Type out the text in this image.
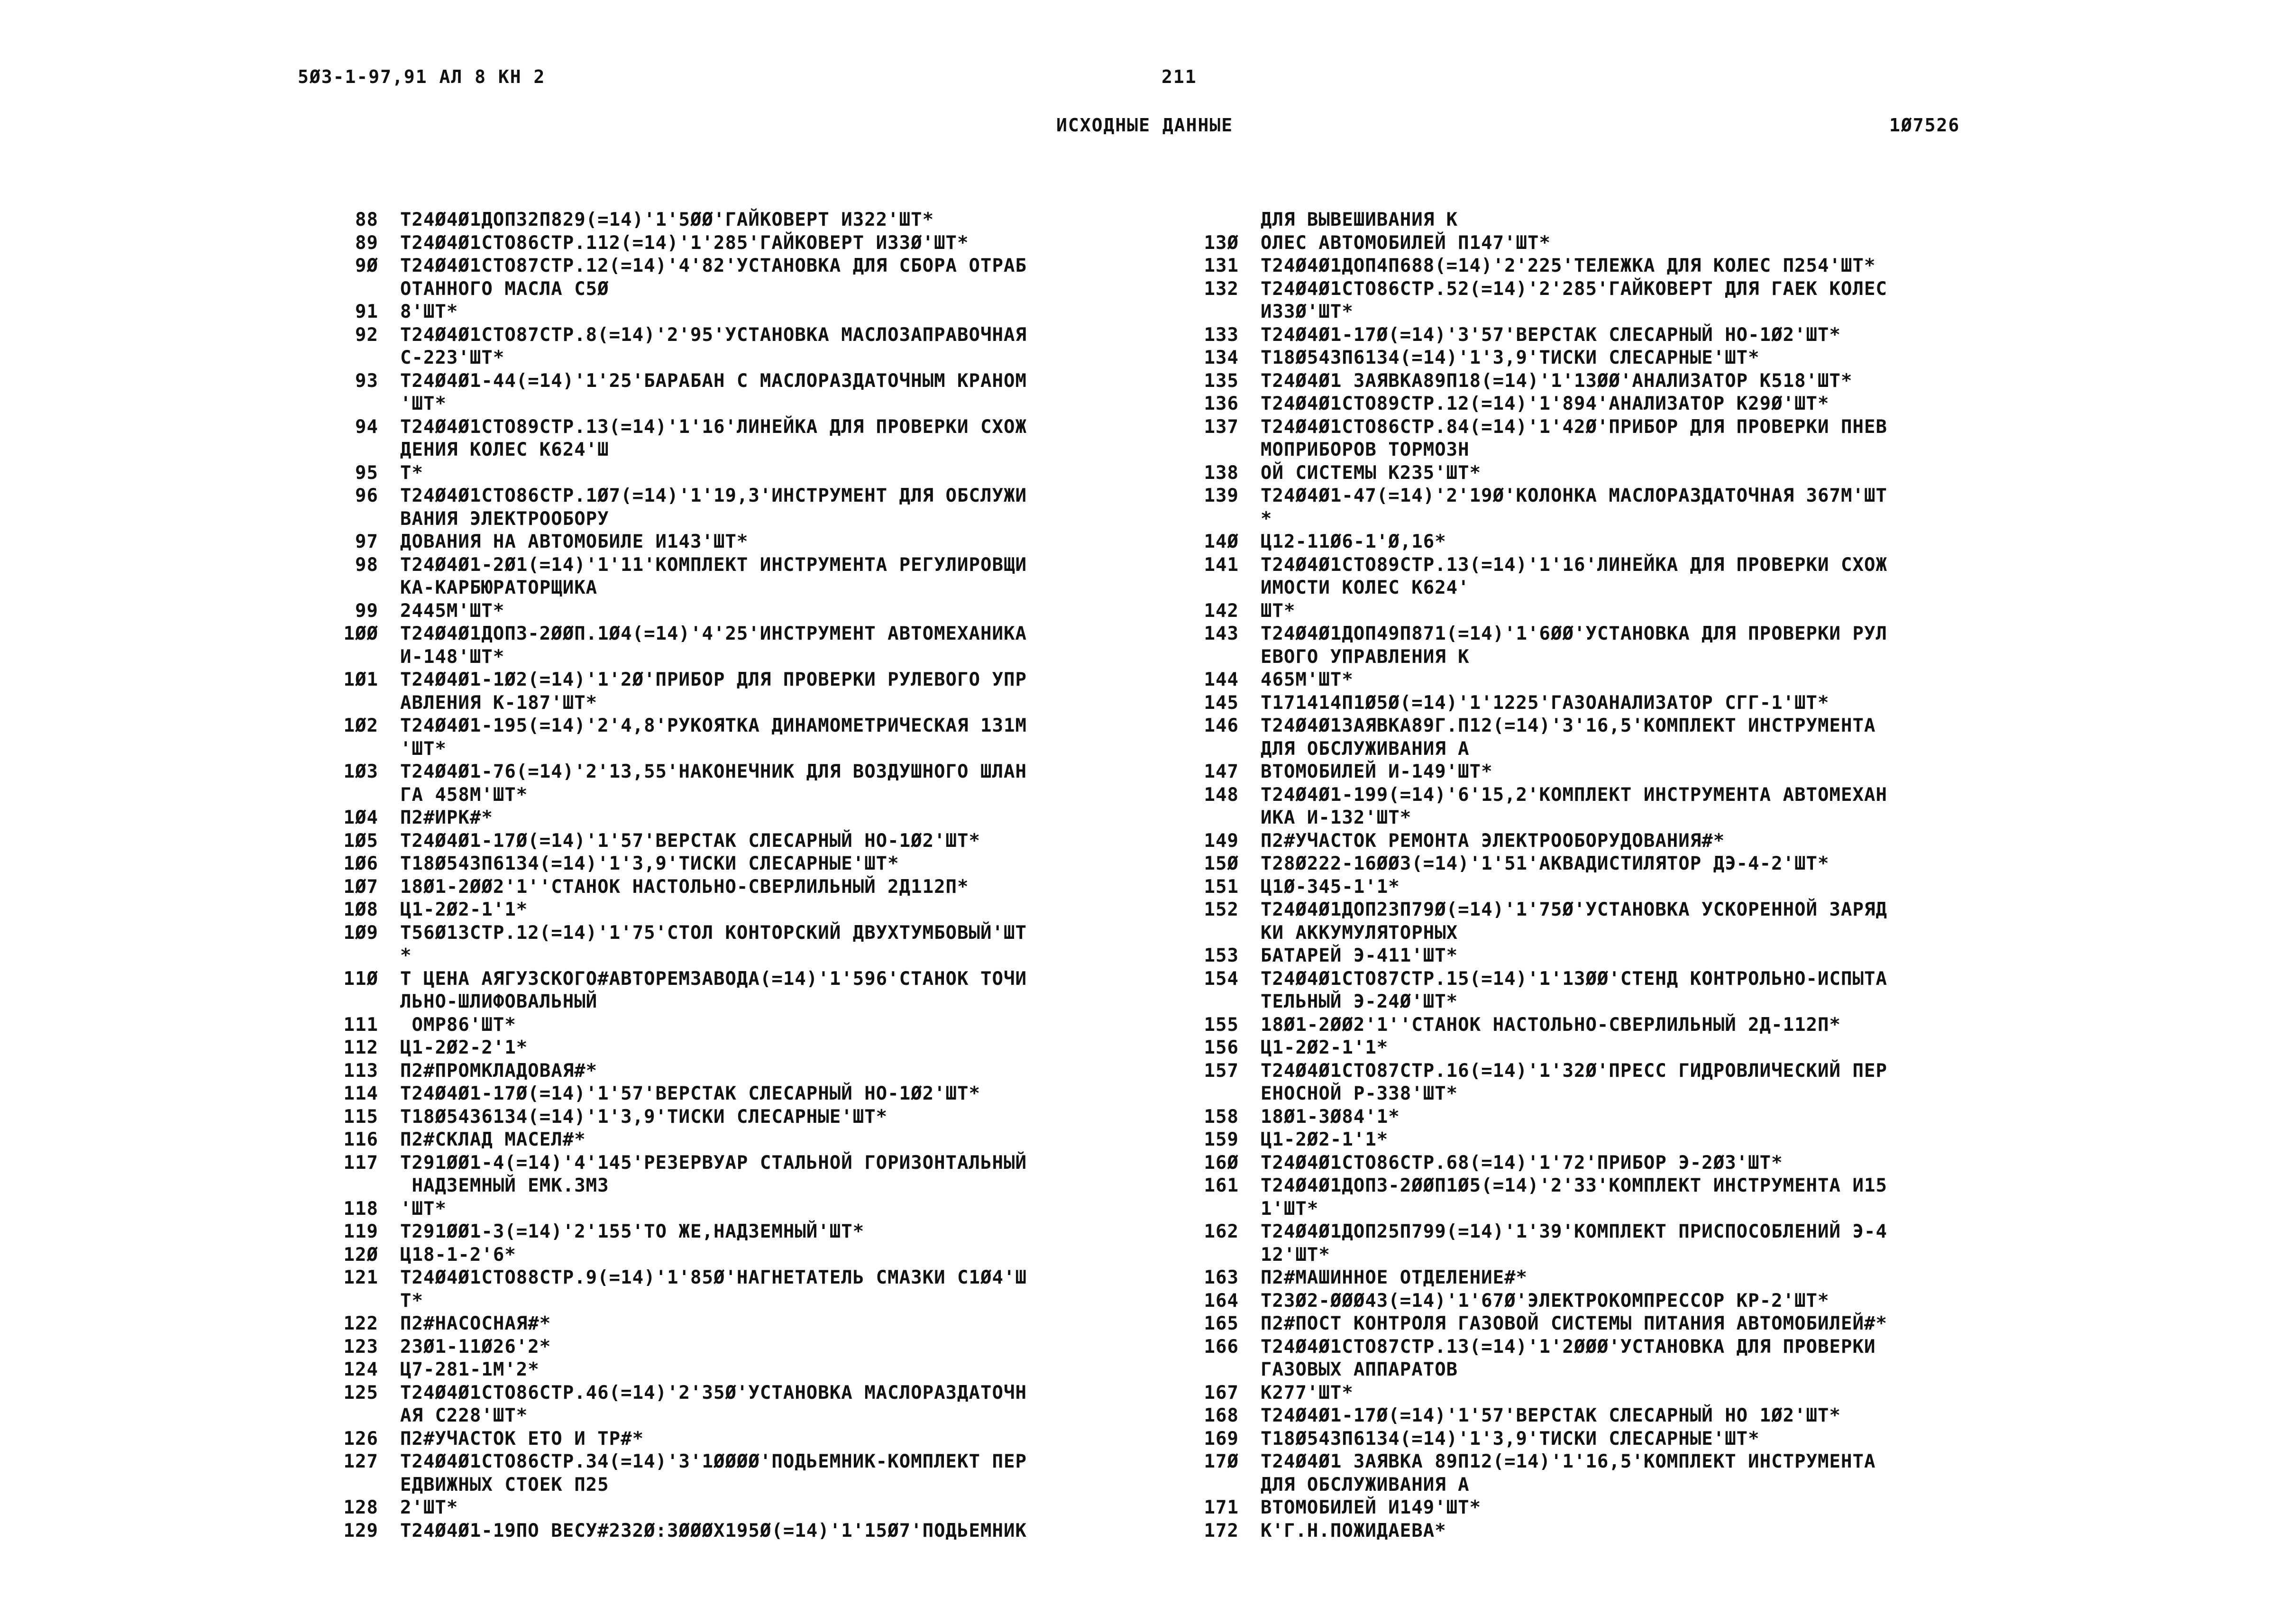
5Ø3-1-97,91 АЛ 8 КН 2	211
ИСХОДНЫЕ ДАННЫЕ	1Ø7526
88	Т24Ø4Ø1ДОП32П829(=14)'1'5ØØ'ГАЙКОВЕРТ И322'ШТ*
89	Т24Ø4Ø1СТО86СТР.112(=14)'1'285'ГАЙКОВЕРТ И33Ø'ШТ*
9Ø	Т24Ø4Ø1СТО87СТР.12(=14)'4'82'УСТАНОВКА ДЛЯ СБОРА ОТРАБ
ОТАННОГО МАСЛА С5Ø
91	8'ШТ*
92	Т24Ø4Ø1СТО87СТР.8(=14)'2'95'УСТАНОВКА МАСЛОЗАПРАВОЧНАЯ
С-223'ШТ*
93	Т24Ø4Ø1-44(=14)'1'25'БАРАБАН С МАСЛОРАЗДАТОЧНЫМ КРАНОМ
'ШТ*
94	Т24Ø4Ø1СТО89СТР.13(=14)'1'16'ЛИНЕЙКА ДЛЯ ПРОВЕРКИ СХОЖ
ДЕНИЯ КОЛЕС К624'Ш
95	Т*
96	Т24Ø4Ø1СТО86СТР.1Ø7(=14)'1'19,3'ИНСТРУМЕНТ ДЛЯ ОБСЛУЖИ
ВАНИЯ ЭЛЕКТРООБОРУ
97	ДОВАНИЯ НА АВТОМОБИЛЕ И143'ШТ*
98	Т24Ø4Ø1-2Ø1(=14)'1'11'КОМПЛЕКТ ИНСТРУМЕНТА РЕГУЛИРОВЩИ
КА-КАРБЮРАТОРЩИКА
99	2445М'ШТ*
1ØØ	Т24Ø4Ø1ДОП3-2ØØП.1Ø4(=14)'4'25'ИНСТРУМЕНТ АВТОМЕХАНИКА
И-148'ШТ*
1Ø1	Т24Ø4Ø1-1Ø2(=14)'1'2Ø'ПРИБОР ДЛЯ ПРОВЕРКИ РУЛЕВОГО УПР
АВЛЕНИЯ К-187'ШТ*
1Ø2	Т24Ø4Ø1-195(=14)'2'4,8'РУКОЯТКА ДИНАМОМЕТРИЧЕСКАЯ 131М
'ШТ*
1Ø3	Т24Ø4Ø1-76(=14)'2'13,55'НАКОНЕЧНИК ДЛЯ ВОЗДУШНОГО ШЛАН
ГА 458М'ШТ*
1Ø4	П2#ИРК#*
1Ø5	Т24Ø4Ø1-17Ø(=14)'1'57'ВЕРСТАК СЛЕСАРНЫЙ НО-1Ø2'ШТ*
1Ø6	Т18Ø543П6134(=14)'1'3,9'ТИСКИ СЛЕСАРНЫЕ'ШТ*
1Ø7	18Ø1-2ØØ2'1''СТАНОК НАСТОЛЬНО-СВЕРЛИЛЬНЫЙ 2Д112П*
1Ø8	Ц1-2Ø2-1'1*
1Ø9	Т56Ø13СТР.12(=14)'1'75'СТОЛ КОНТОРСКИЙ ДВУХТУМБОВЫЙ'ШТ
*
11Ø	Т ЦЕНА АЯГУЗСКОГО#АВТОРЕМЗАВОДА(=14)'1'596'СТАНОК ТОЧИ
ЛЬНО-ШЛИФОВАЛЬНЫЙ
111	ОМР86'ШТ*
112	Ц1-2Ø2-2'1*
113	П2#ПРОМКЛАДОВАЯ#*
114	Т24Ø4Ø1-17Ø(=14)'1'57'ВЕРСТАК СЛЕСАРНЫЙ НО-1Ø2'ШТ*
115	Т18Ø5436134(=14)'1'3,9'ТИСКИ СЛЕСАРНЫЕ'ШТ*
116	П2#СКЛАД МАСЕЛ#*
117	Т291ØØ1-4(=14)'4'145'РЕЗЕРВУАР СТАЛЬНОЙ ГОРИЗОНТАЛЬНЫЙ
НАДЗЕМНЫЙ ЕМК.3М3
118	'ШТ*
119	Т291ØØ1-3(=14)'2'155'ТО ЖЕ,НАДЗЕМНЫЙ'ШТ*
12Ø	Ц18-1-2'6*
121	Т24Ø4Ø1СТО88СТР.9(=14)'1'85Ø'НАГНЕТАТЕЛЬ СМАЗКИ С1Ø4'Ш
Т*
122	П2#НАСОСНАЯ#*
123	23Ø1-11Ø26'2*
124	Ц7-281-1М'2*
125	Т24Ø4Ø1СТО86СТР.46(=14)'2'35Ø'УСТАНОВКА МАСЛОРАЗДАТОЧН
АЯ С228'ШТ*
126	П2#УЧАСТОК ЕТО И ТР#*
127	Т24Ø4Ø1СТО86СТР.34(=14)'3'1ØØØØ'ПОДЬЕМНИК-КОМПЛЕКТ ПЕР
ЕДВИЖНЫХ СТОЕК П25
128	2'ШТ*
129	Т24Ø4Ø1-19ПО ВЕСУ#232Ø:3ØØØХ195Ø(=14)'1'15Ø7'ПОДЬЕМНИК
ДЛЯ ВЫВЕШИВАНИЯ К
13Ø	ОЛЕС АВТОМОБИЛЕЙ П147'ШТ*
131	Т24Ø4Ø1ДОП4П688(=14)'2'225'ТЕЛЕЖКА ДЛЯ КОЛЕС П254'ШТ*
132	Т24Ø4Ø1СТО86СТР.52(=14)'2'285'ГАЙКОВЕРТ ДЛЯ ГАЕК КОЛЕС
И33Ø'ШТ*
133	Т24Ø4Ø1-17Ø(=14)'3'57'ВЕРСТАК СЛЕСАРНЫЙ НО-1Ø2'ШТ*
134	Т18Ø543П6134(=14)'1'3,9'ТИСКИ СЛЕСАРНЫЕ'ШТ*
135	Т24Ø4Ø1 ЗАЯВКА89П18(=14)'1'13ØØ'АНАЛИЗАТОР К518'ШТ*
136	Т24Ø4Ø1СТО89СТР.12(=14)'1'894'АНАЛИЗАТОР К29Ø'ШТ*
137	Т24Ø4Ø1СТО86СТР.84(=14)'1'42Ø'ПРИБОР ДЛЯ ПРОВЕРКИ ПНЕВ
МОПРИБОРОВ ТОРМОЗН
138	ОЙ СИСТЕМЫ К235'ШТ*
139	Т24Ø4Ø1-47(=14)'2'19Ø'КОЛОНКА МАСЛОРАЗДАТОЧНАЯ 367М'ШТ
*
14Ø	Ц12-11Ø6-1'Ø,16*
141	Т24Ø4Ø1СТО89СТР.13(=14)'1'16'ЛИНЕЙКА ДЛЯ ПРОВЕРКИ СХОЖ
ИМОСТИ КОЛЕС К624'
142	ШТ*
143	Т24Ø4Ø1ДОП49П871(=14)'1'6ØØ'УСТАНОВКА ДЛЯ ПРОВЕРКИ РУЛ
ЕВОГО УПРАВЛЕНИЯ К
144	465М'ШТ*
145	Т171414П1Ø5Ø(=14)'1'1225'ГАЗОАНАЛИЗАТОР СГГ-1'ШТ*
146	Т24Ø4Ø13АЯВКА89Г.П12(=14)'3'16,5'КОМПЛЕКТ ИНСТРУМЕНТА
ДЛЯ ОБСЛУЖИВАНИЯ А
147	ВТОМОБИЛЕЙ И-149'ШТ*
148	Т24Ø4Ø1-199(=14)'6'15,2'КОМПЛЕКТ ИНСТРУМЕНТА АВТОМЕХАН
ИКА И-132'ШТ*
149	П2#УЧАСТОК РЕМОНТА ЭЛЕКТРООБОРУДОВАНИЯ#*
15Ø	Т28Ø222-16ØØ3(=14)'1'51'АКВАДИСТИЛЯТОР ДЭ-4-2'ШТ*
151	Ц1Ø-345-1'1*
152	Т24Ø4Ø1ДОП23П79Ø(=14)'1'75Ø'УСТАНОВКА УСКОРЕННОЙ ЗАРЯД
КИ АККУМУЛЯТОРНЫХ
153	БАТАРЕЙ Э-411'ШТ*
154	Т24Ø4Ø1СТО87СТР.15(=14)'1'13ØØ'СТЕНД КОНТРОЛЬНО-ИСПЫТА
ТЕЛЬНЫЙ Э-24Ø'ШТ*
155	18Ø1-2ØØ2'1''СТАНОК НАСТОЛЬНО-СВЕРЛИЛЬНЫЙ 2Д-112П*
156	Ц1-2Ø2-1'1*
157	Т24Ø4Ø1СТО87СТР.16(=14)'1'32Ø'ПРЕСС ГИДРОВЛИЧЕСКИЙ ПЕР
ЕНОСНОЙ Р-338'ШТ*
158	18Ø1-3Ø84'1*
159	Ц1-2Ø2-1'1*
16Ø	Т24Ø4Ø1СТО86СТР.68(=14)'1'72'ПРИБОР Э-2Ø3'ШТ*
161	Т24Ø4Ø1ДОП3-2ØØП1Ø5(=14)'2'33'КОМПЛЕКТ ИНСТРУМЕНТА И15
1'ШТ*
162	Т24Ø4Ø1ДОП25П799(=14)'1'39'КОМПЛЕКТ ПРИСПОСОБЛЕНИЙ Э-4
12'ШТ*
163	П2#МАШИННОЕ ОТДЕЛЕНИЕ#*
164	Т23Ø2-ØØØ43(=14)'1'67Ø'ЭЛЕКТРОКОМПРЕССОР КР-2'ШТ*
165	П2#ПОСТ КОНТРОЛЯ ГАЗОВОЙ СИСТЕМЫ ПИТАНИЯ АВТОМОБИЛЕЙ#*
166	Т24Ø4Ø1СТО87СТР.13(=14)'1'2ØØØ'УСТАНОВКА ДЛЯ ПРОВЕРКИ
ГАЗОВЫХ АППАРАТОВ
167	К277'ШТ*
168	Т24Ø4Ø1-17Ø(=14)'1'57'ВЕРСТАК СЛЕСАРНЫЙ НО 1Ø2'ШТ*
169	Т18Ø543П6134(=14)'1'3,9'ТИСКИ СЛЕСАРНЫЕ'ШТ*
17Ø	Т24Ø4Ø1 ЗАЯВКА 89П12(=14)'1'16,5'КОМПЛЕКТ ИНСТРУМЕНТА
ДЛЯ ОБСЛУЖИВАНИЯ А
171	ВТОМОБИЛЕЙ И149'ШТ*
172	К'Г.Н.ПОЖИДАЕВА*
